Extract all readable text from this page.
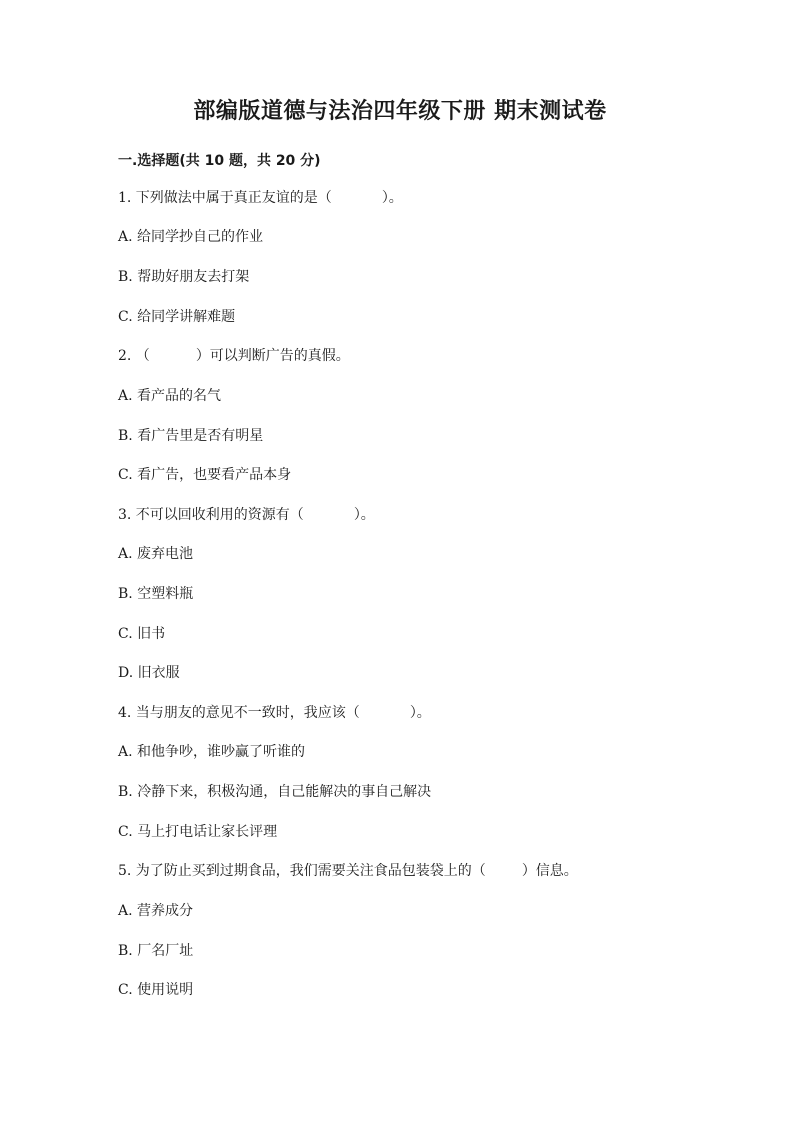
部编版道德与法治四年级下册 期末测试卷
一.选择题(共 10 题，共 20 分)
1. 下列做法中属于真正友谊的是（	）。
A. 给同学抄自己的作业
B. 帮助好朋友去打架
C. 给同学讲解难题
2. （	）可以判断广告的真假。
A. 看产品的名气
B. 看广告里是否有明星
C. 看广告，也要看产品本身
3. 不可以回收利用的资源有（	）。
A. 废弃电池
B. 空塑料瓶
C. 旧书
D. 旧衣服
4. 当与朋友的意见不一致时，我应该（	）。
A. 和他争吵，谁吵赢了听谁的
B. 冷静下来，积极沟通，自己能解决的事自己解决
C. 马上打电话让家长评理
5. 为了防止买到过期食品，我们需要关注食品包装袋上的（	）信息。
A. 营养成分
B. 厂名厂址
C. 使用说明
